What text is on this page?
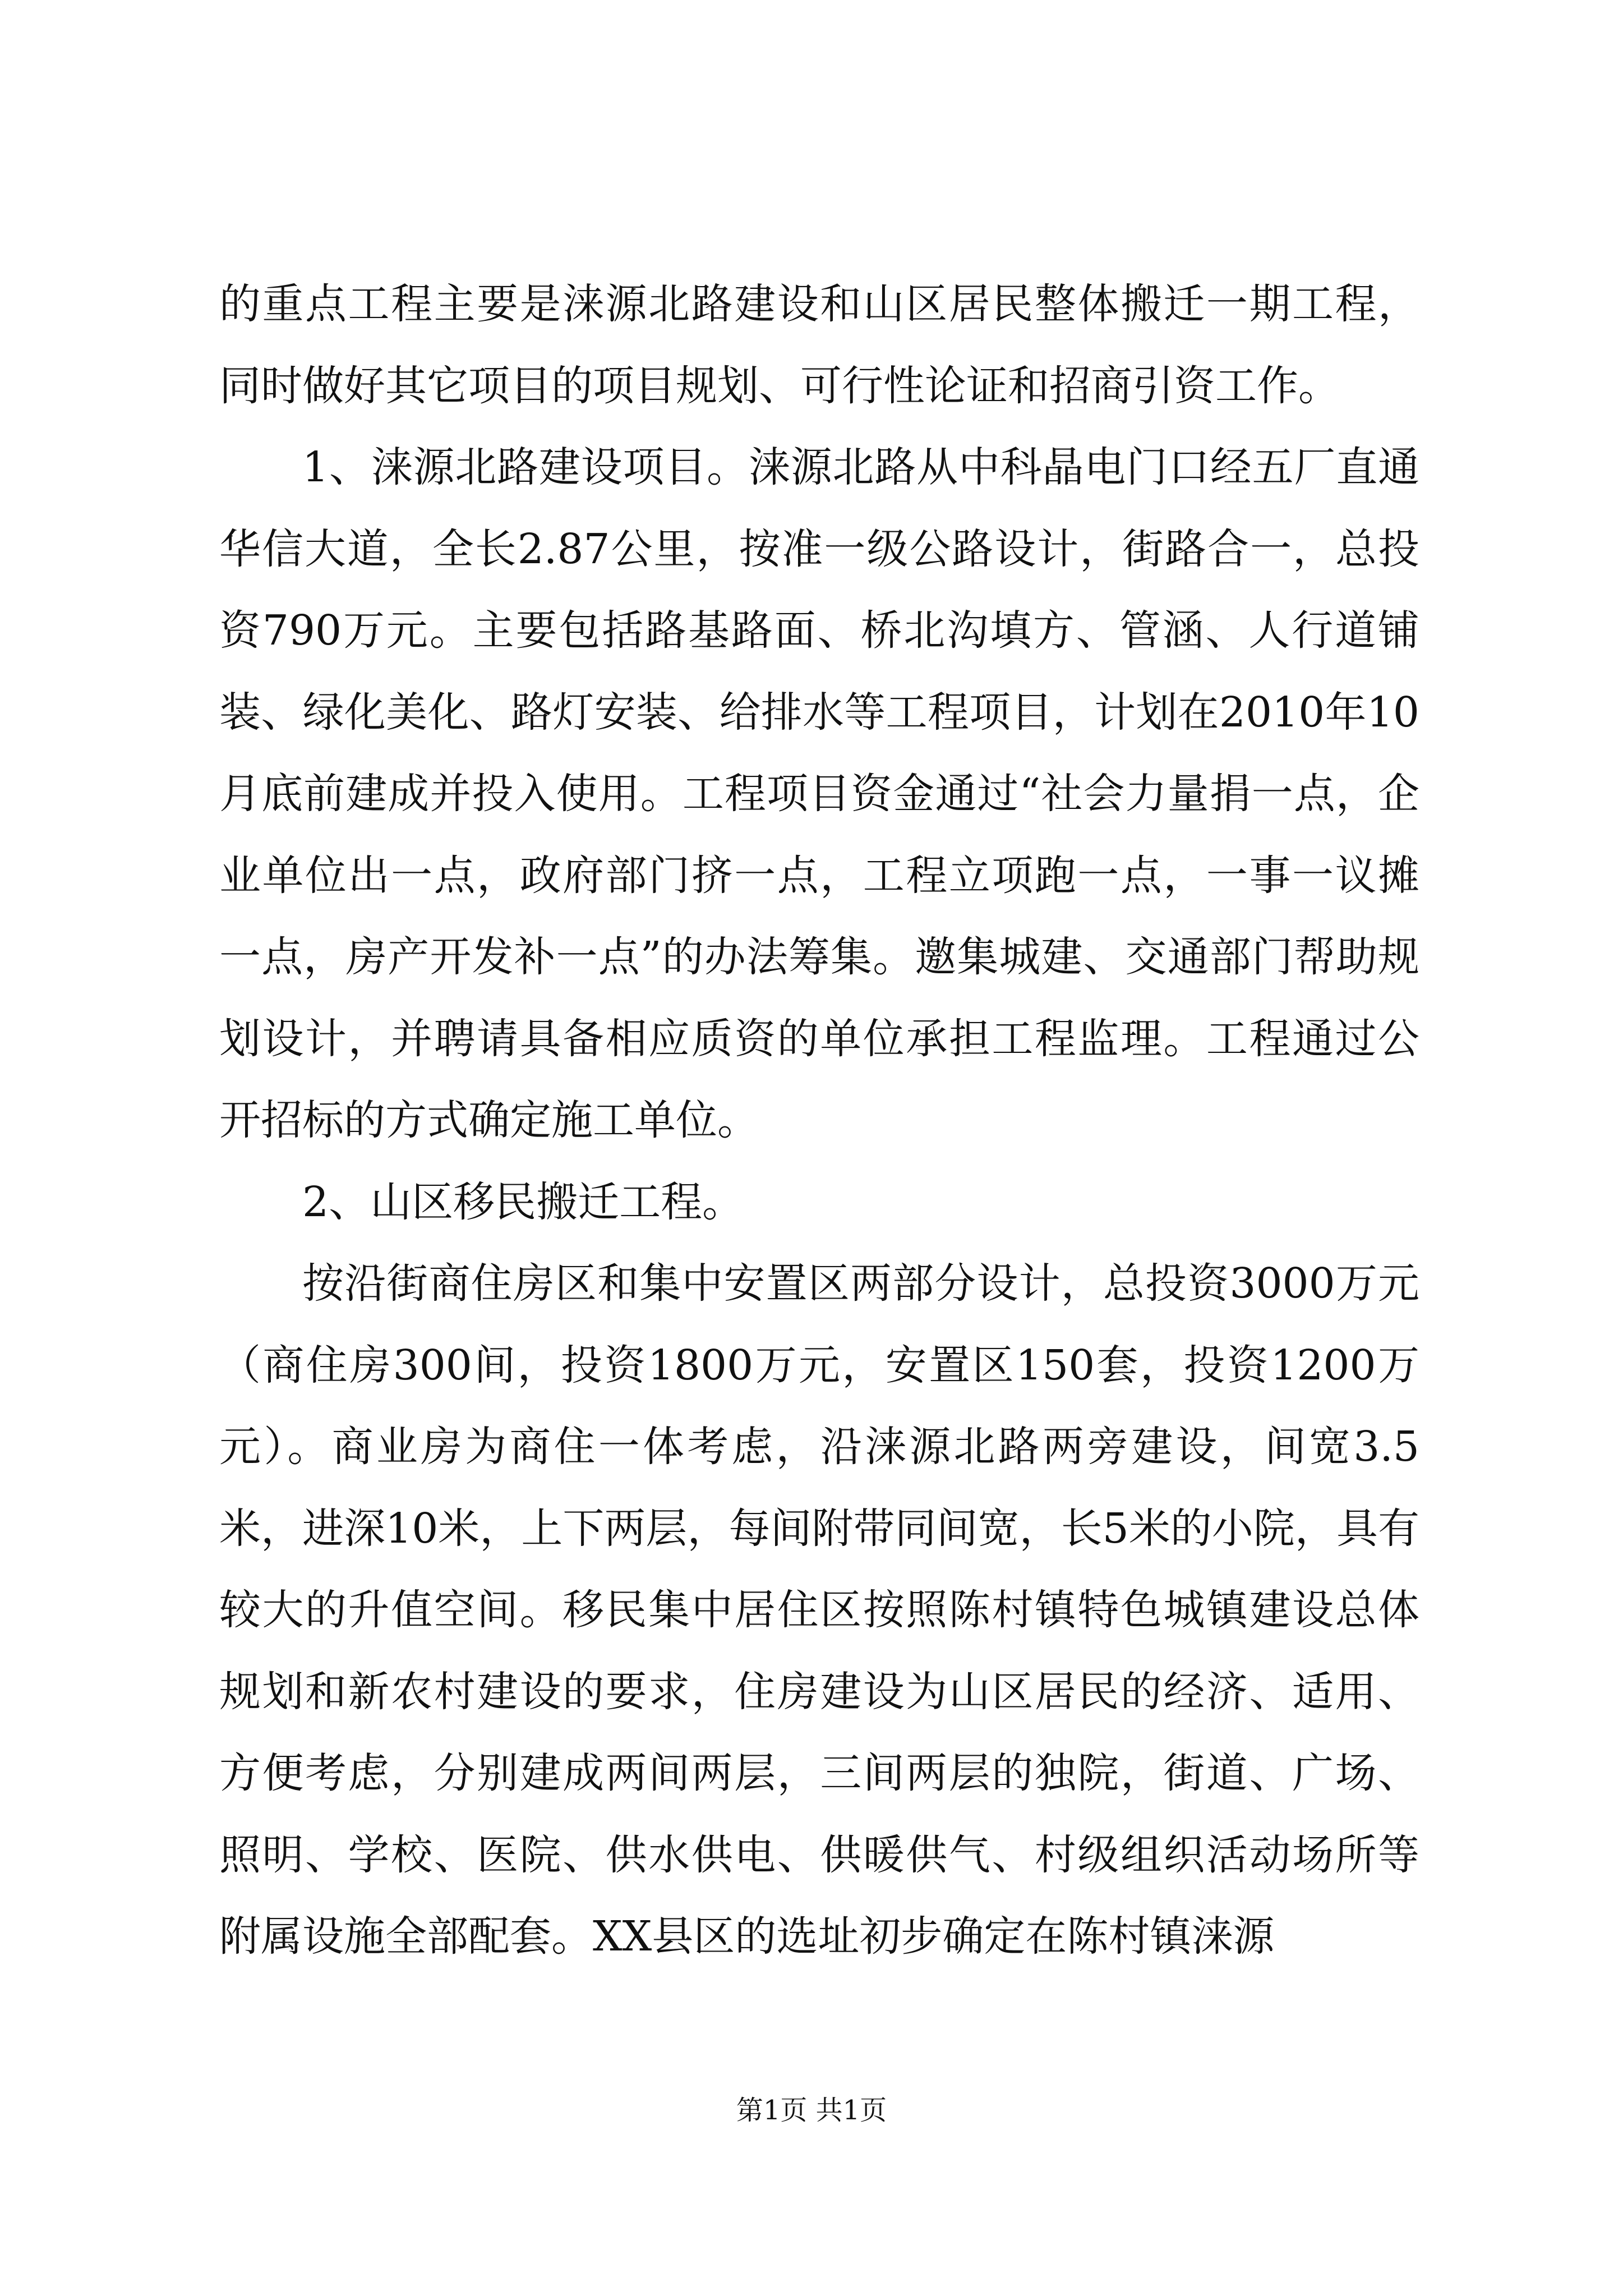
的重点工程主要是涞源北路建设和山区居民整体搬迁一期工程，同时做好其它项目的项目规划、可行性论证和招商引资工作。

1、涞源北路建设项目。涞源北路从中科晶电门口经五厂直通华信大道，全长2.87公里，按准一级公路设计，街路合一，总投资790万元。主要包括路基路面、桥北沟填方、管涵、人行道铺装、绿化美化、路灯安装、给排水等工程项目，计划在2010年10月底前建成并投入使用。工程项目资金通过“社会力量捐一点，企业单位出一点，政府部门挤一点，工程立项跑一点，一事一议摊一点，房产开发补一点”的办法筹集。邀集城建、交通部门帮助规划设计，并聘请具备相应质资的单位承担工程监理。工程通过公开招标的方式确定施工单位。

2、山区移民搬迁工程。

按沿街商住房区和集中安置区两部分设计，总投资3000万元（商住房300间，投资1800万元，安置区150套，投资1200万元）。商业房为商住一体考虑，沿涞源北路两旁建设，间宽3.5米，进深10米，上下两层，每间附带同间宽，长5米的小院，具有较大的升值空间。移民集中居住区按照陈村镇特色城镇建设总体规划和新农村建设的要求，住房建设为山区居民的经济、适用、方便考虑，分别建成两间两层，三间两层的独院，街道、广场、照明、学校、医院、供水供电、供暖供气、村级组织活动场所等附属设施全部配套。XX县区的选址初步确定在陈村镇涞源

第1页 共1页
